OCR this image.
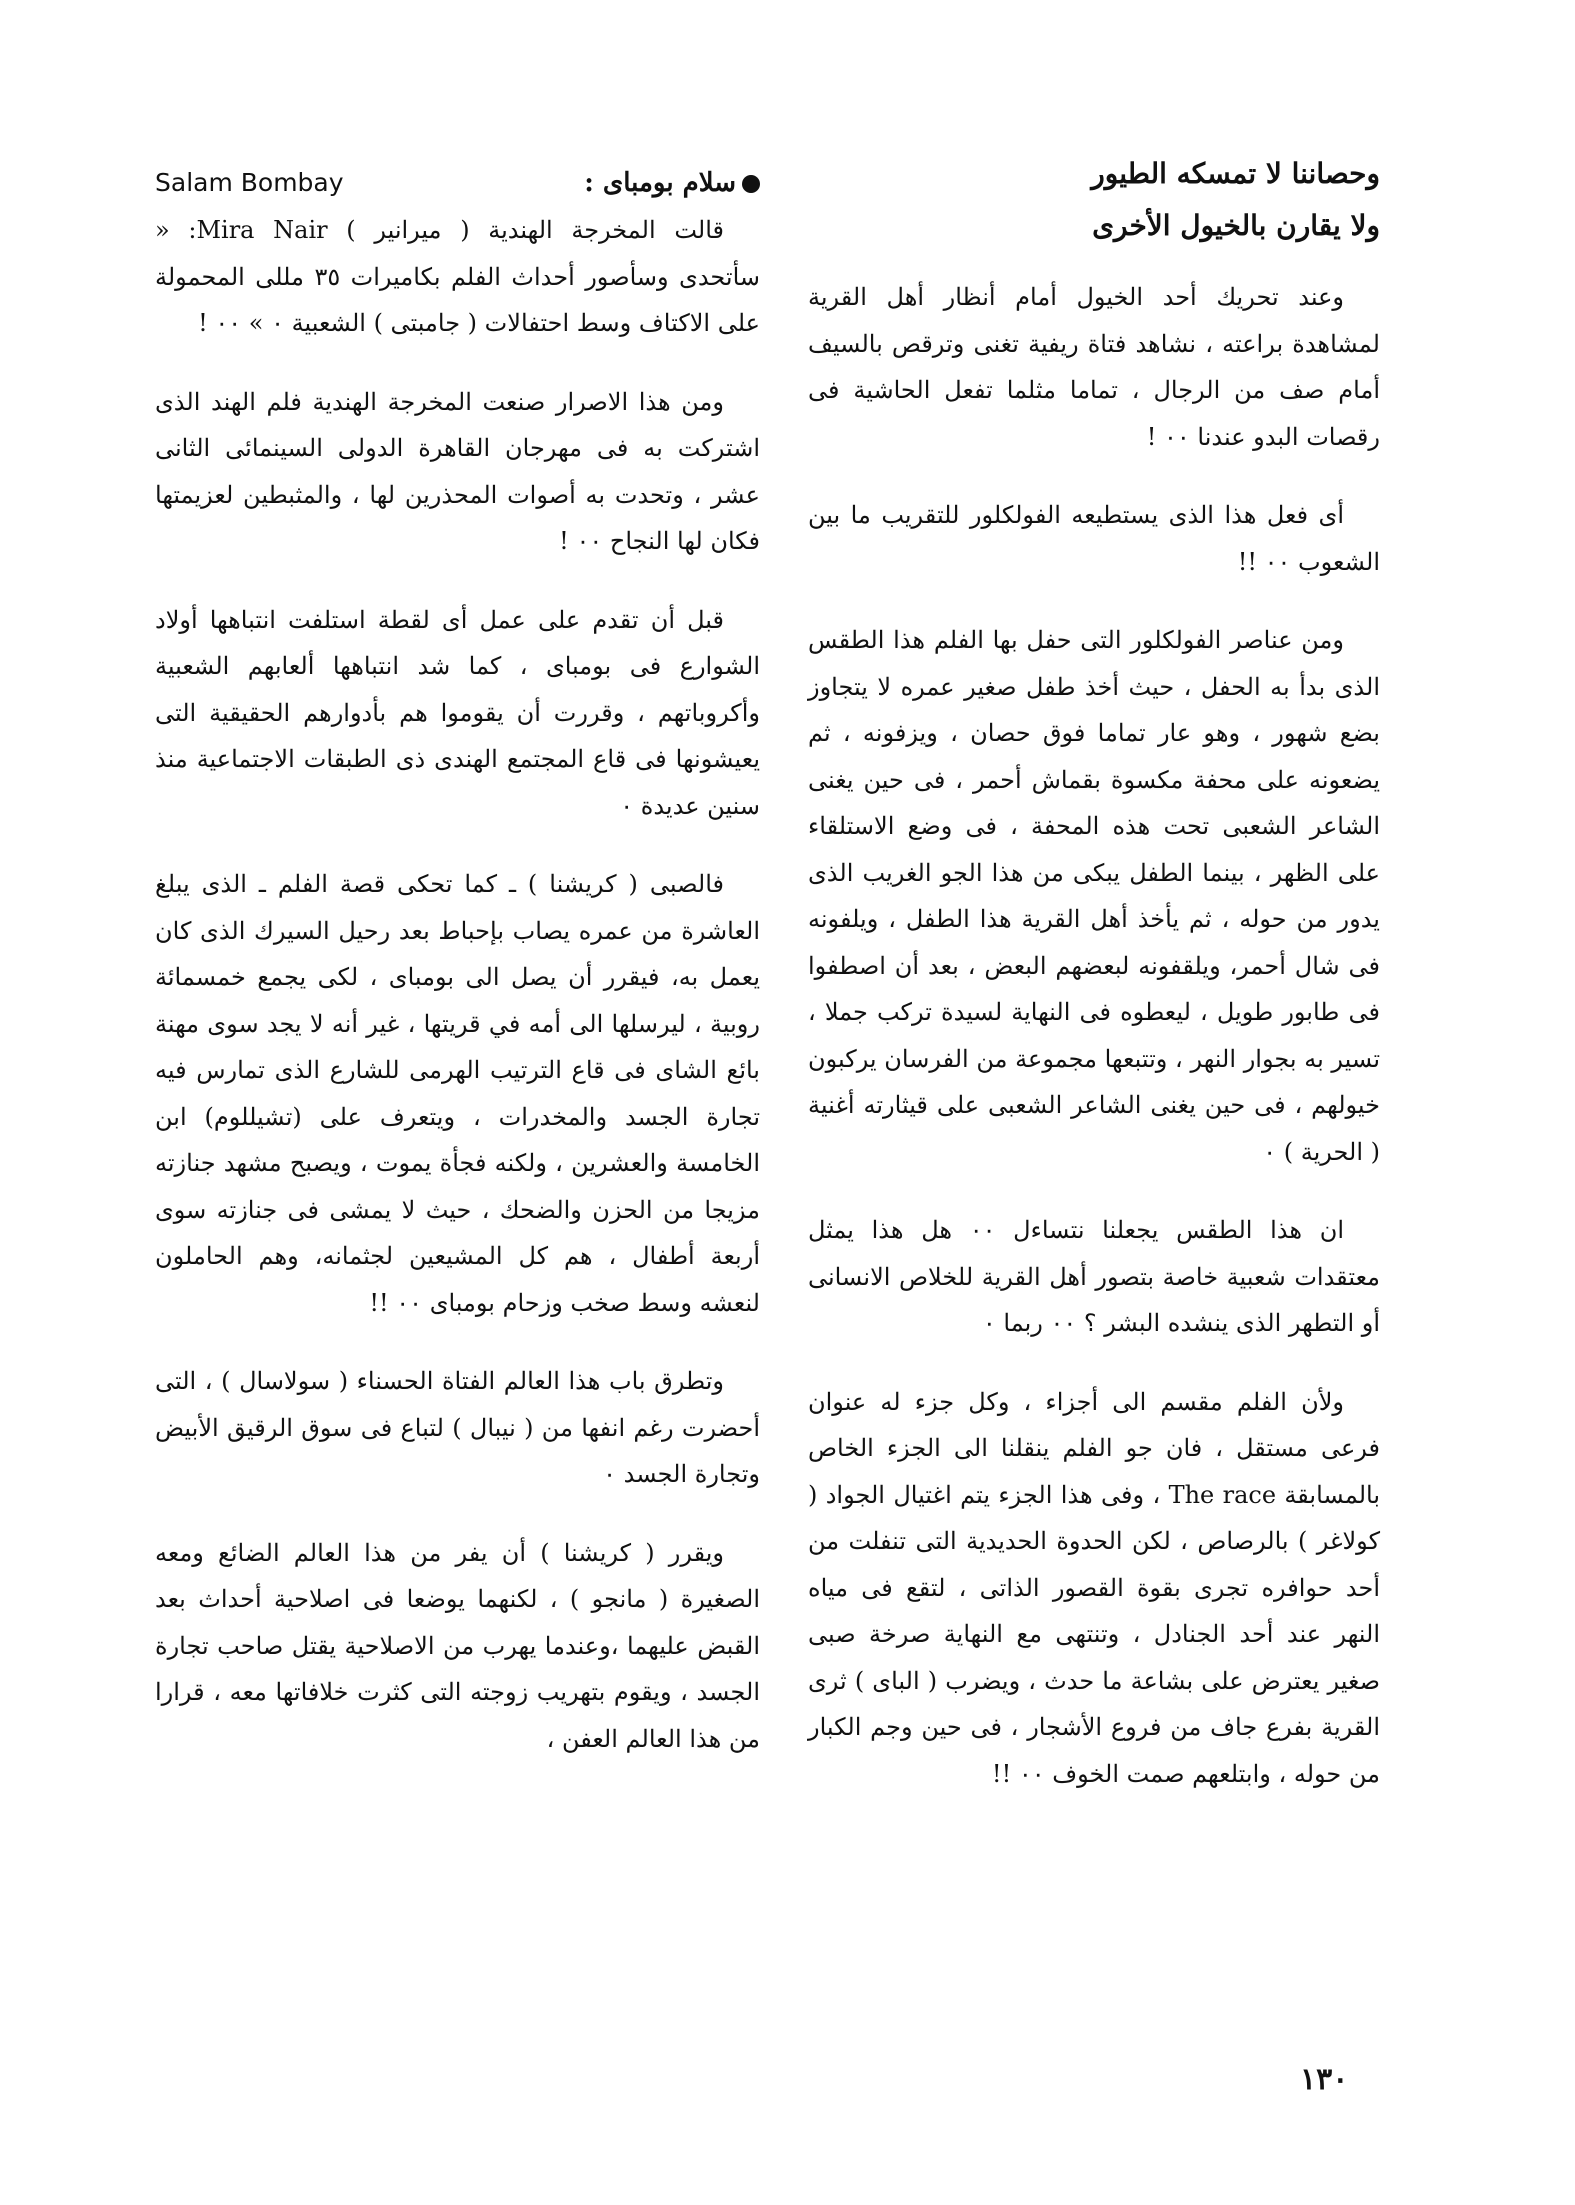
وحصاننا لا تمسكه الطيور

ولا يقارن بالخيول الأخرى

وعند تحريك أحد الخيول أمام أنظار أهل القرية لمشاهدة براعته ، نشاهد فتاة ريفية تغنى وترقص بالسيف أمام صف من الرجال ، تماما مثلما تفعل الحاشية فى رقصات البدو عندنا ٠٠ !

أى فعل هذا الذى يستطيعه الفولكلور للتقريب ما بين الشعوب ٠٠ !!

ومن عناصر الفولكلور التى حفل بها الفلم هذا الطقس الذى بدأ به الحفل ، حيث أخذ طفل صغير عمره لا يتجاوز بضع شهور ، وهو عار تماما فوق حصان ، ويزفونه ، ثم يضعونه على محفة مكسوة بقماش أحمر ، فى حين يغنى الشاعر الشعبى تحت هذه المحفة ، فى وضع الاستلقاء على الظهر ، بينما الطفل يبكى من هذا الجو الغريب الذى يدور من حوله ، ثم يأخذ أهل القرية هذا الطفل ، ويلفونه فى شال أحمر، ويلقفونه لبعضهم البعض ، بعد أن اصطفوا فى طابور طويل ، ليعطوه فى النهاية لسيدة تركب جملا ، تسير به بجوار النهر ، وتتبعها مجموعة من الفرسان يركبون خيولهم ، فى حين يغنى الشاعر الشعبى على قيثارته أغنية ( الحرية ) ٠

ان هذا الطقس يجعلنا نتساءل ٠٠ هل هذا يمثل معتقدات شعبية خاصة بتصور أهل القرية للخلاص الانسانى أو التطهر الذى ينشده البشر ؟ ٠٠ ربما ٠

ولأن الفلم مقسم الى أجزاء ، وكل جزء له عنوان فرعى مستقل ، فان جو الفلم ينقلنا الى الجزء الخاص بالمسابقة The race ، وفى هذا الجزء يتم اغتيال الجواد ( كولاغر ) بالرصاص ، لكن الحدوة الحديدية التى تنفلت من أحد حوافره تجرى بقوة القصور الذاتى ، لتقع فى مياه النهر عند أحد الجنادل ، وتنتهى مع النهاية صرخة صبى صغير يعترض على بشاعة ما حدث ، ويضرب ( الباى ) ثرى القرية بفرع جاف من فروع الأشجار ، فى حين وجم الكبار من حوله ، وابتلعهم صمت الخوف ٠٠ !!

سلام بومباى :
Salam Bombay

قالت المخرجة الهندية ( ميرانير ) Mira Nair: « سأتحدى وسأصور أحداث الفلم بكاميرات ٣٥ مللى المحمولة على الاكتاف وسط احتفالات ( جامبتى ) الشعبية ٠ » ٠٠ !

ومن هذا الاصرار صنعت المخرجة الهندية فلم الهند الذى اشتركت به فى مهرجان القاهرة الدولى السينمائى الثانى عشر ، وتحدت به أصوات المحذرين لها ، والمثبطين لعزيمتها فكان لها النجاح ٠٠ !

قبل أن تقدم على عمل أى لقطة استلفت انتباهها أولاد الشوارع فى بومباى ، كما شد انتباهها ألعابهم الشعبية وأكروباتهم ، وقررت أن يقوموا هم بأدوارهم الحقيقية التى يعيشونها فى قاع المجتمع الهندى ذى الطبقات الاجتماعية منذ سنين عديدة ٠

فالصبى ( كريشنا ) ـ كما تحكى قصة الفلم ـ الذى يبلغ العاشرة من عمره يصاب بإحباط بعد رحيل السيرك الذى كان يعمل به، فيقرر أن يصل الى بومباى ، لكى يجمع خمسمائة روبية ، ليرسلها الى أمه في قريتها ، غير أنه لا يجد سوى مهنة بائع الشاى فى قاع الترتيب الهرمى للشارع الذى تمارس فيه تجارة الجسد والمخدرات ، ويتعرف على (تشيللوم) ابن الخامسة والعشرين ، ولكنه فجأة يموت ، ويصبح مشهد جنازته مزيجا من الحزن والضحك ، حيث لا يمشى فى جنازته سوى أربعة أطفال ، هم كل المشيعين لجثمانه، وهم الحاملون لنعشه وسط صخب وزحام بومباى ٠٠ !!

وتطرق باب هذا العالم الفتاة الحسناء ( سولاسال ) ، التى أحضرت رغم انفها من ( نيبال ) لتباع فى سوق الرقيق الأبيض وتجارة الجسد ٠

ويقرر ( كريشنا ) أن يفر من هذا العالم الضائع ومعه الصغيرة ( مانجو ) ، لكنهما يوضعا فى اصلاحية أحداث بعد القبض عليهما ،وعندما يهرب من الاصلاحية يقتل صاحب تجارة الجسد ، ويقوم بتهريب زوجته التى كثرت خلافاتها معه ، قرارا من هذا العالم العفن ،

١٣٠
